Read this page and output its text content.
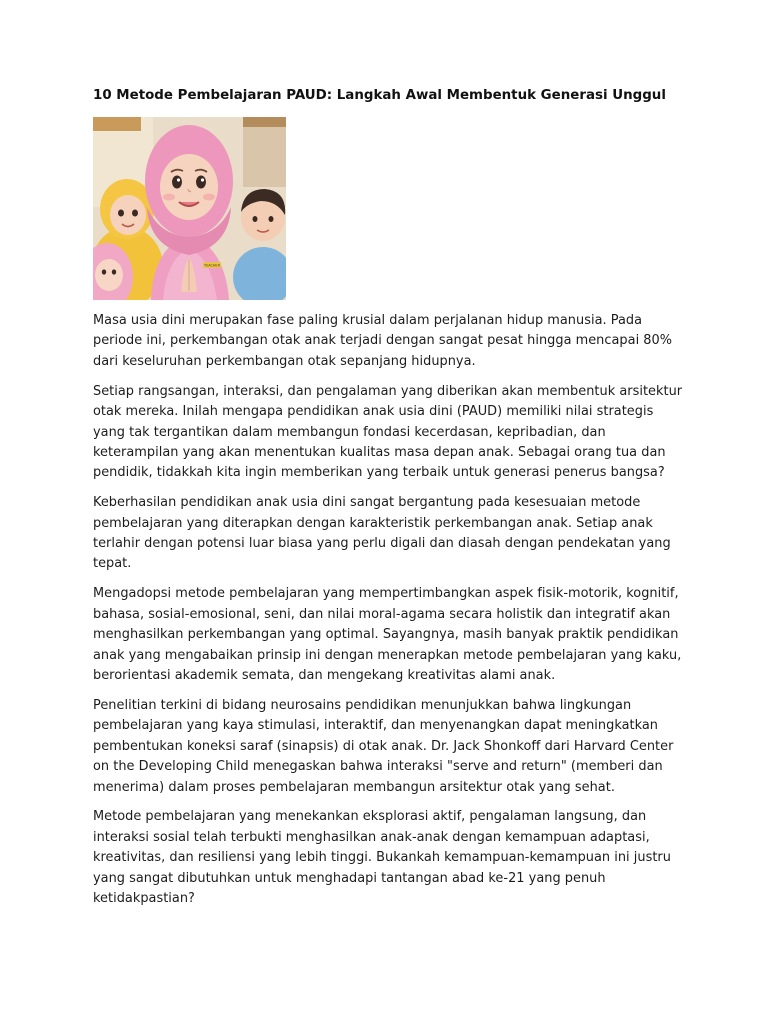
10 Metode Pembelajaran PAUD: Langkah Awal Membentuk Generasi Unggul
TEACHER

Masa usia dini merupakan fase paling krusial dalam perjalanan hidup manusia. Pada periode ini, perkembangan otak anak terjadi dengan sangat pesat hingga mencapai 80% dari keseluruhan perkembangan otak sepanjang hidupnya.

Setiap rangsangan, interaksi, dan pengalaman yang diberikan akan membentuk arsitektur otak mereka. Inilah mengapa pendidikan anak usia dini (PAUD) memiliki nilai strategis yang tak tergantikan dalam membangun fondasi kecerdasan, kepribadian, dan keterampilan yang akan menentukan kualitas masa depan anak. Sebagai orang tua dan pendidik, tidakkah kita ingin memberikan yang terbaik untuk generasi penerus bangsa?

Keberhasilan pendidikan anak usia dini sangat bergantung pada kesesuaian metode pembelajaran yang diterapkan dengan karakteristik perkembangan anak. Setiap anak terlahir dengan potensi luar biasa yang perlu digali dan diasah dengan pendekatan yang tepat.

Mengadopsi metode pembelajaran yang mempertimbangkan aspek fisik-motorik, kognitif, bahasa, sosial-emosional, seni, dan nilai moral-agama secara holistik dan integratif akan menghasilkan perkembangan yang optimal. Sayangnya, masih banyak praktik pendidikan anak yang mengabaikan prinsip ini dengan menerapkan metode pembelajaran yang kaku, berorientasi akademik semata, dan mengekang kreativitas alami anak.

Penelitian terkini di bidang neurosains pendidikan menunjukkan bahwa lingkungan pembelajaran yang kaya stimulasi, interaktif, dan menyenangkan dapat meningkatkan pembentukan koneksi saraf (sinapsis) di otak anak. Dr. Jack Shonkoff dari Harvard Center on the Developing Child menegaskan bahwa interaksi "serve and return" (memberi dan menerima) dalam proses pembelajaran membangun arsitektur otak yang sehat.

Metode pembelajaran yang menekankan eksplorasi aktif, pengalaman langsung, dan interaksi sosial telah terbukti menghasilkan anak-anak dengan kemampuan adaptasi, kreativitas, dan resiliensi yang lebih tinggi. Bukankah kemampuan-kemampuan ini justru yang sangat dibutuhkan untuk menghadapi tantangan abad ke-21 yang penuh ketidakpastian?
